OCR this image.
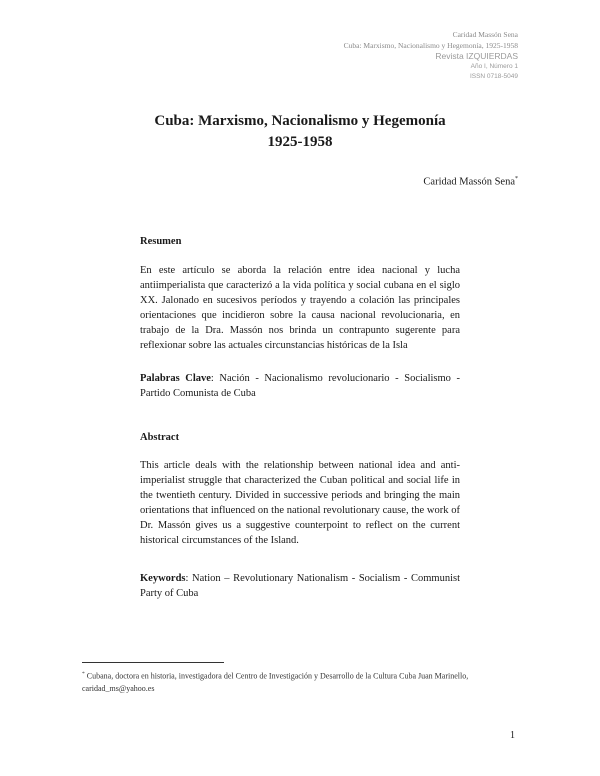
Caridad Massón Sena
Cuba: Marxismo, Nacionalismo y Hegemonía, 1925-1958
Revista IZQUIERDAS
Año I, Número 1
ISSN 0718-5049
Cuba: Marxismo, Nacionalismo y Hegemonía
1925-1958
Caridad Massón Sena*
Resumen
En este artículo se aborda la relación entre idea nacional y lucha antiimperialista que caracterizó a la vida política y social cubana en el siglo XX. Jalonado en sucesivos períodos y trayendo a colación las principales orientaciones que incidieron sobre la causa nacional revolucionaria, en trabajo de la Dra. Massón nos brinda un contrapunto sugerente para reflexionar sobre las actuales circunstancias históricas de la Isla
Palabras Clave: Nación - Nacionalismo revolucionario - Socialismo - Partido Comunista de Cuba
Abstract
This article deals with the relationship between national idea and anti-imperialist struggle that characterized the Cuban political and social life in the twentieth century. Divided in successive periods and bringing the main orientations that influenced on the national revolutionary cause, the work of Dr. Massón gives us a suggestive counterpoint to reflect on the current historical circumstances of the Island.
Keywords: Nation – Revolutionary Nationalism - Socialism - Communist Party of Cuba
* Cubana, doctora en historia, investigadora del Centro de Investigación y Desarrollo de la Cultura Cuba Juan Marinello, caridad_ms@yahoo.es
1
